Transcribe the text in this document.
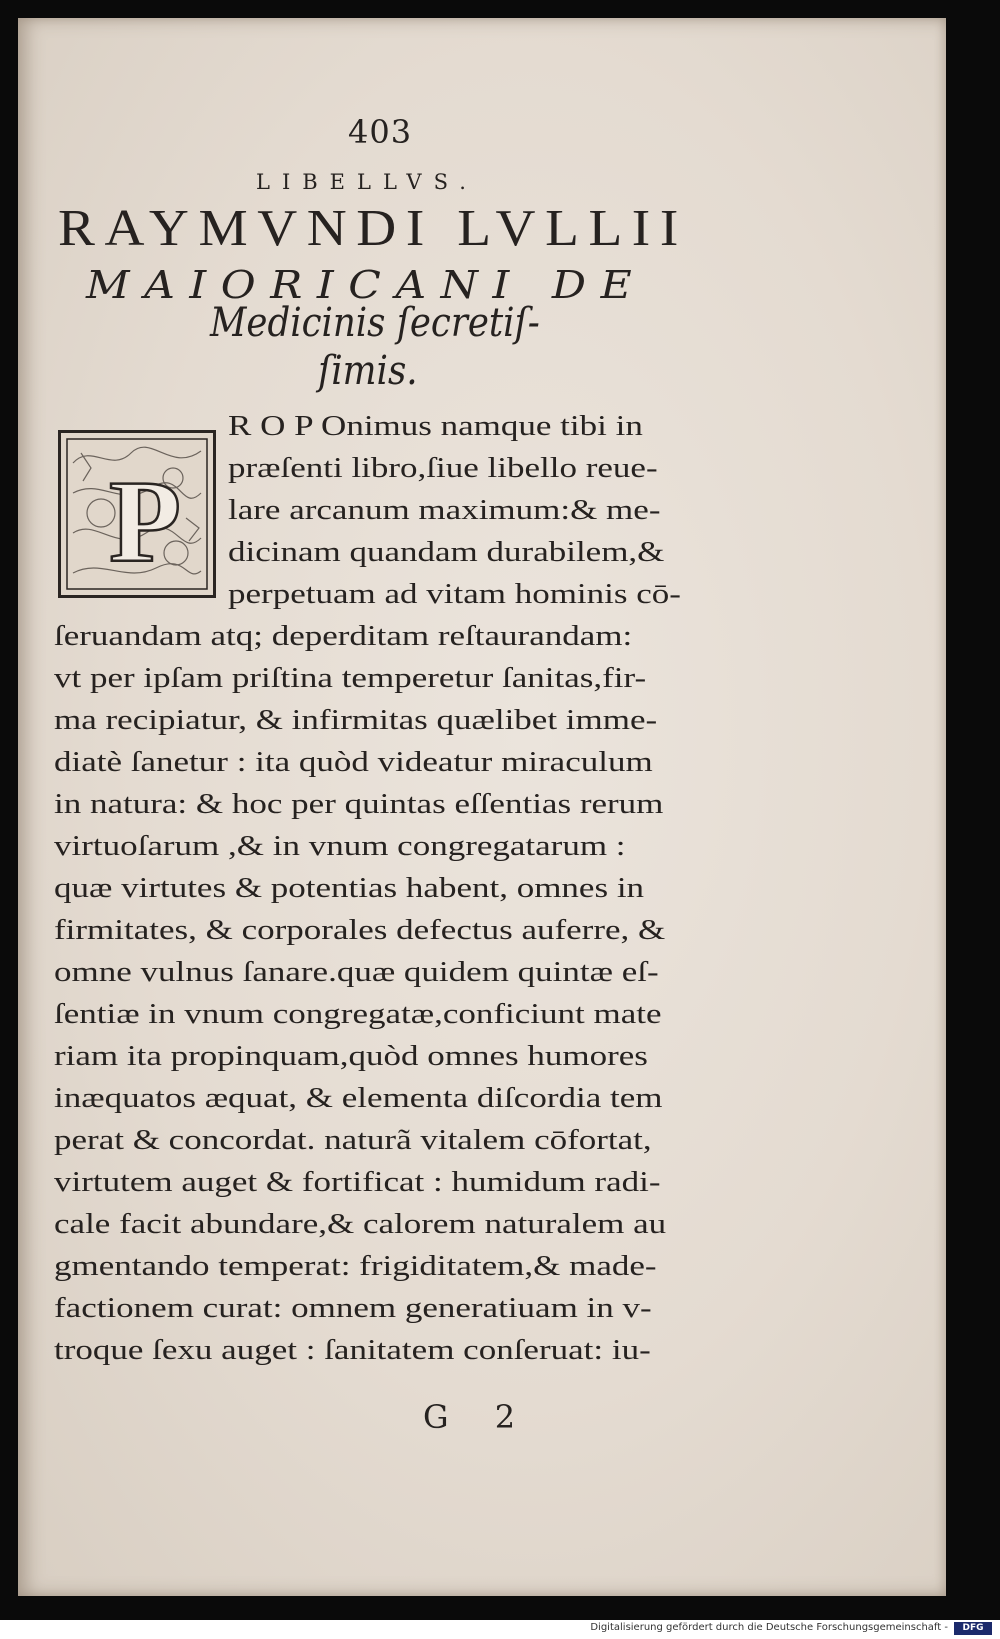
403
LIBELLVS.
RAYMVNDI LVLLII
MAIORICANI DE
Medicinis ſecretiſ-
ſimis.
P
R O P Onimus namque tibi in
præſenti libro,ſiue libello reue-
lare arcanum maximum:& me-
dicinam quandam durabilem,&
perpetuam ad vitam hominis cō-
ſeruandam atq; deperditam reſtaurandam:
vt per ipſam priſtina temperetur ſanitas,fir-
ma recipiatur, & infirmitas quælibet imme-
diatè ſanetur : ita quòd videatur miraculum
in natura: & hoc per quintas eſſentias rerum
virtuoſarum ,& in vnum congregatarum :
quæ virtutes & potentias habent, omnes in
firmitates, & corporales defectus auferre, &
omne vulnus ſanare.quæ quidem quintæ eſ-
ſentiæ in vnum congregatæ,conficiunt mate
riam ita propinquam,quòd omnes humores
inæquatos æquat, & elementa diſcordia tem
perat & concordat. naturã vitalem cōfortat,
virtutem auget & fortificat : humidum radi-
cale facit abundare,& calorem naturalem au
gmentando temperat: frigiditatem,& made-
factionem curat: omnem generatiuam in v-
troque ſexu auget : ſanitatem conſeruat: iu-
G 2
Digitalisierung gefördert durch die Deutsche Forschungsgemeinschaft -	DFG
